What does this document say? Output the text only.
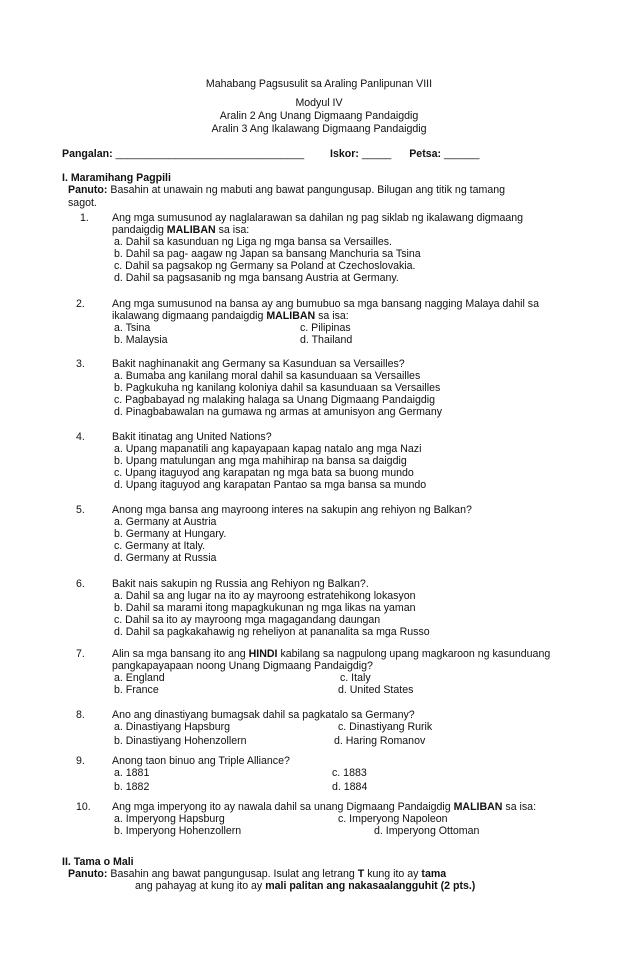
Mahabang Pagsusulit sa Araling Panlipunan VIII
Modyul IV
Aralin 2 Ang Unang Digmaang Pandaigdig
Aralin 3 Ang Ikalawang Digmaang Pandaigdig
Pangalan: ________________________________ Iskor: _____ Petsa: ______
I. Maramihang Pagpili
Panuto: Basahin at unawain ng mabuti ang bawat pangungusap. Bilugan ang titik ng tamang
sagot.
1. Ang mga sumusunod ay naglalarawan sa dahilan ng pag siklab ng ikalawang digmaang
pandaigdig MALIBAN sa isa:
a. Dahil sa kasunduan ng Liga ng mga bansa sa Versailles.
b. Dahil sa pag- aagaw ng Japan sa bansang Manchuria sa Tsina
c. Dahil sa pagsakop ng Germany sa Poland at Czechoslovakia.
d. Dahil sa pagsasanib ng mga bansang Austria at Germany.
2.	Ang mga sumusunod na bansa ay ang bumubuo sa mga bansang nagging Malaya dahil sa
ikalawang digmaang pandaigdig MALIBAN sa isa:
a. Tsina	c. Pilipinas
b. Malaysia	d. Thailand
3.	Bakit naghinanakit ang Germany sa Kasunduan sa Versailles?
a. Bumaba ang kanilang moral dahil sa kasunduaan sa Versailles
b. Pagkukuha ng kanilang koloniya dahil sa kasunduaan sa Versailles
c. Pagbabayad ng malaking halaga sa Unang Digmaang Pandaigdig
d. Pinagbabawalan na gumawa ng armas at amunisyon ang Germany
4.	Bakit itinatag ang United Nations?
a. Upang mapanatili ang kapayapaan kapag natalo ang mga Nazi
b. Upang matulungan ang mga mahihirap na bansa sa daigdig
c. Upang itaguyod ang karapatan ng mga bata sa buong mundo
d. Upang itaguyod ang karapatan Pantao sa mga bansa sa mundo
5.	Anong mga bansa ang mayroong interes na sakupin ang rehiyon ng Balkan?
a. Germany at Austria
b. Germany at Hungary.
c. Germany at Italy.
d. Germany at Russia
6.	Bakit nais sakupin ng Russia ang Rehiyon ng Balkan?.
a. Dahil sa ang lugar na ito ay mayroong estratehikong lokasyon
b. Dahil sa marami itong mapagkukunan ng mga likas na yaman
c. Dahil sa ito ay mayroong mga magagandang daungan
d. Dahil sa pagkakahawig ng reheliyon at pananalita sa mga Russo
7.	Alin sa mga bansang ito ang HINDI kabilang sa nagpulong upang magkaroon ng kasunduang
pangkapayapaan noong Unang Digmaang Pandaigdig?
a. England	c. Italy
b. France	d. United States
8.	Ano ang dinastiyang bumagsak dahil sa pagkatalo sa Germany?
a. Dinastiyang Hapsburg	c. Dinastiyang Rurik
b. Dinastiyang Hohenzollern	d. Haring Romanov
9.	Anong taon binuo ang Triple Alliance?
a. 1881	c. 1883
b. 1882	d. 1884
10. Ang mga imperyong ito ay nawala dahil sa unang Digmaang Pandaigdig MALIBAN sa isa:
a. Imperyong Hapsburg	c. Imperyong Napoleon
b. Imperyong Hohenzollern	d. Imperyong Ottoman
II. Tama o Mali
Panuto: Basahin ang bawat pangungusap. Isulat ang letrang T kung ito ay tama
ang pahayag at kung ito ay mali palitan ang nakasaalangguhit (2 pts.)
